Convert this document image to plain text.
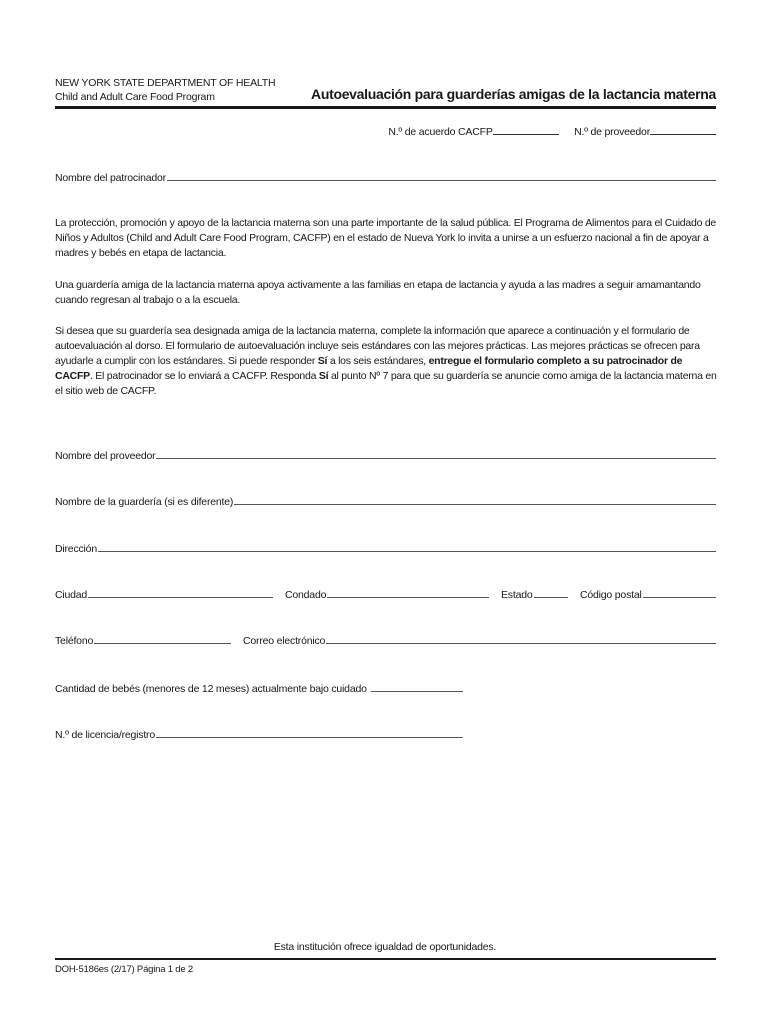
NEW YORK STATE DEPARTMENT OF HEALTH
Child and Adult Care Food Program	Autoevaluación para guarderías amigas de la lactancia materna
N.º de acuerdo CACFP	N.º de proveedor
Nombre del patrocinador
La protección, promoción y apoyo de la lactancia materna son una parte importante de la salud pública. El Programa de Alimentos para el Cuidado de Niños y Adultos (Child and Adult Care Food Program, CACFP) en el estado de Nueva York lo invita a unirse a un esfuerzo nacional a fin de apoyar a madres y bebés en etapa de lactancia.
Una guardería amiga de la lactancia materna apoya activamente a las familias en etapa de lactancia y ayuda a las madres a seguir amamantando cuando regresan al trabajo o a la escuela.
Si desea que su guardería sea designada amiga de la lactancia materna, complete la información que aparece a continuación y el formulario de autoevaluación al dorso. El formulario de autoevaluación incluye seis estándares con las mejores prácticas. Las mejores prácticas se ofrecen para ayudarle a cumplir con los estándares. Si puede responder Sí a los seis estándares, entregue el formulario completo a su patrocinador de CACFP. El patrocinador se lo enviará a CACFP. Responda Sí al punto Nº 7 para que su guardería se anuncie como amiga de la lactancia materna en el sitio web de CACFP.
Nombre del proveedor
Nombre de la guardería (si es diferente)
Dirección
Ciudad	Condado	Estado	Código postal
Teléfono	Correo electrónico
Cantidad de bebés (menores de 12 meses) actualmente bajo cuidado
N.º de licencia/registro
Esta institución ofrece igualdad de oportunidades.
DOH-5186es (2/17) Página 1 de 2
